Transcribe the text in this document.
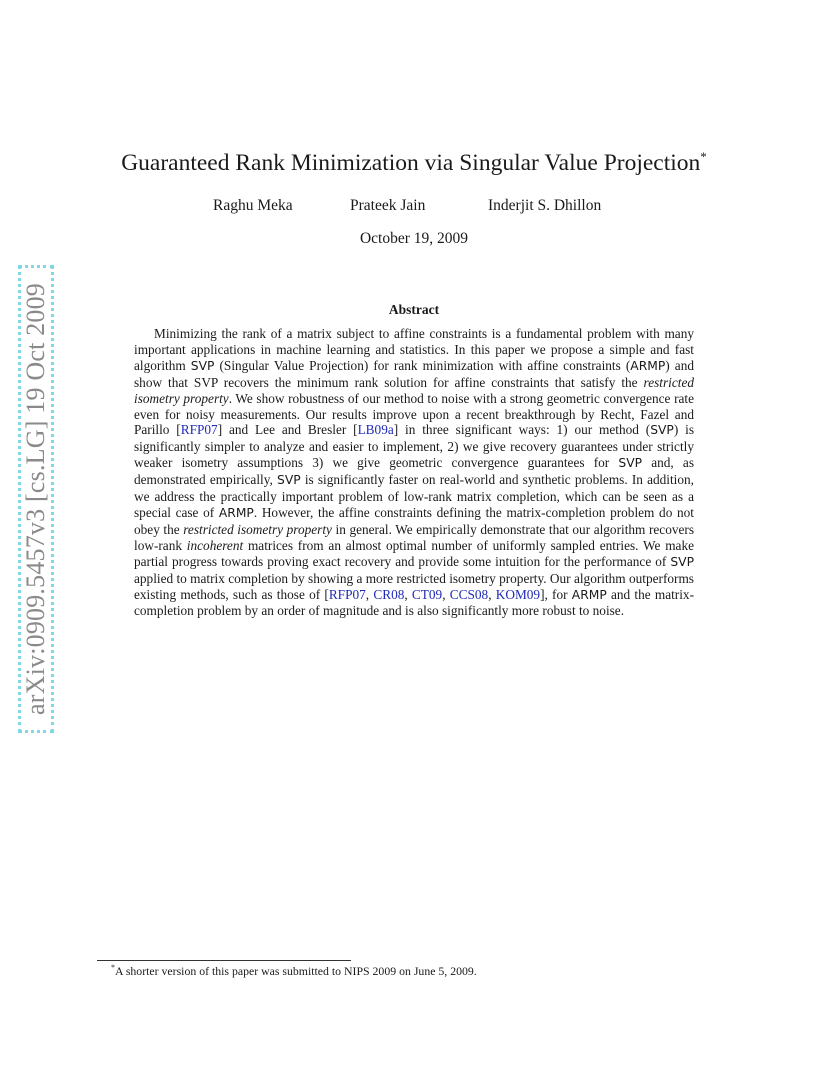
arXiv:0909.5457v3 [cs.LG] 19 Oct 2009
Guaranteed Rank Minimization via Singular Value Projection*
Raghu Meka	Prateek Jain	Inderjit S. Dhillon
October 19, 2009
Abstract
Minimizing the rank of a matrix subject to affine constraints is a fundamental problem with many important applications in machine learning and statistics. In this paper we propose a simple and fast algorithm SVP (Singular Value Projection) for rank minimization with affine constraints (ARMP) and show that SVP recovers the minimum rank solution for affine constraints that satisfy the restricted isometry property. We show robustness of our method to noise with a strong geometric convergence rate even for noisy measurements. Our results improve upon a recent breakthrough by Recht, Fazel and Parillo [RFP07] and Lee and Bresler [LB09a] in three significant ways: 1) our method (SVP) is significantly simpler to analyze and easier to implement, 2) we give recovery guarantees under strictly weaker isometry assumptions 3) we give geometric convergence guarantees for SVP and, as demonstrated empirically, SVP is significantly faster on real-world and synthetic problems. In addition, we address the practically important problem of low-rank matrix completion, which can be seen as a special case of ARMP. However, the affine constraints defining the matrix-completion problem do not obey the restricted isometry property in general. We empirically demonstrate that our algorithm recovers low-rank incoherent matrices from an almost optimal number of uniformly sampled entries. We make partial progress towards proving exact recovery and provide some intuition for the performance of SVP applied to matrix completion by showing a more restricted isometry property. Our algorithm outperforms existing methods, such as those of [RFP07, CR08, CT09, CCS08, KOM09], for ARMP and the matrix-completion problem by an order of magnitude and is also significantly more robust to noise.
*A shorter version of this paper was submitted to NIPS 2009 on June 5, 2009.
